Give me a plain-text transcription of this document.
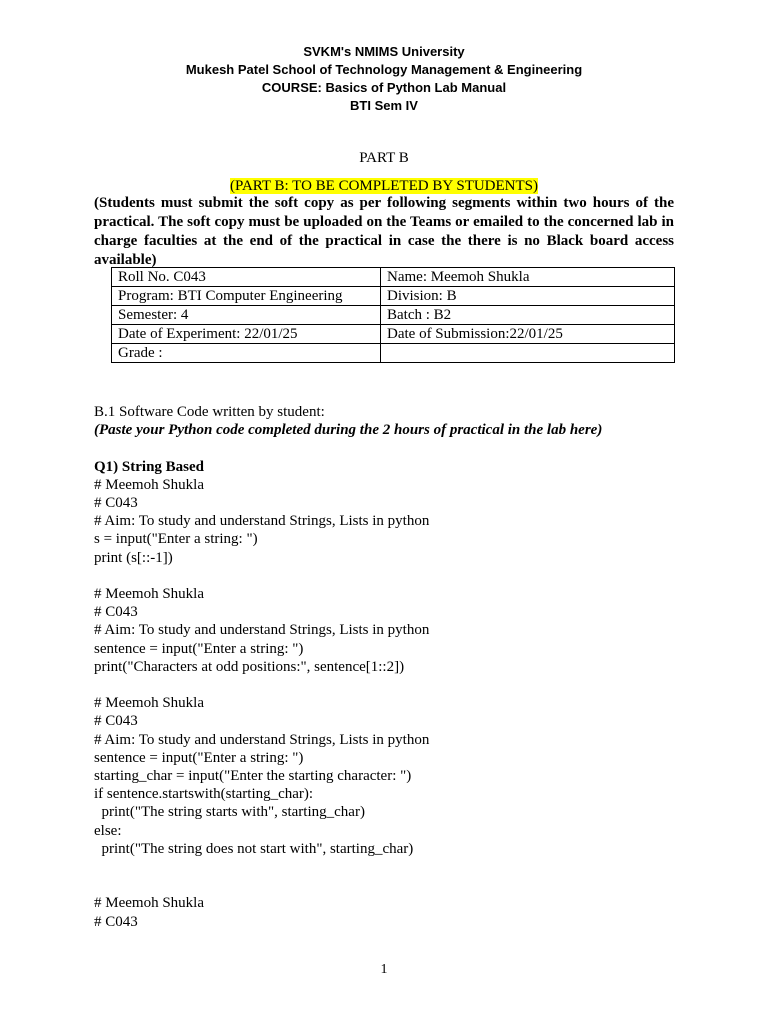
SVKM's NMIMS University
Mukesh Patel School of Technology Management & Engineering
COURSE: Basics of Python Lab Manual
BTI Sem IV
PART B
(PART B: TO BE COMPLETED BY STUDENTS)
(Students must submit the soft copy as per following segments within two hours of the practical. The soft copy must be uploaded on the Teams or emailed to the concerned lab in charge faculties at the end of the practical in case the there is no Black board access available)
Roll No. C043	Name: Meemoh Shukla
Program: BTI Computer Engineering	Division: B
Semester: 4	Batch : B2
Date of Experiment: 22/01/25	Date of Submission:22/01/25
Grade :	
B.1 Software Code written by student:
(Paste your Python code completed during the 2 hours of practical in the lab here)
Q1) String Based
# Meemoh Shukla
# C043
# Aim: To study and understand Strings, Lists in python
s = input("Enter a string: ")
print (s[::-1])
# Meemoh Shukla
# C043
# Aim: To study and understand Strings, Lists in python
sentence = input("Enter a string: ")
print("Characters at odd positions:", sentence[1::2])
# Meemoh Shukla
# C043
# Aim: To study and understand Strings, Lists in python
sentence = input("Enter a string: ")
starting_char = input("Enter the starting character: ")
if sentence.startswith(starting_char):
print("The string starts with", starting_char)
else:
print("The string does not start with", starting_char)
# Meemoh Shukla
# C043
1
